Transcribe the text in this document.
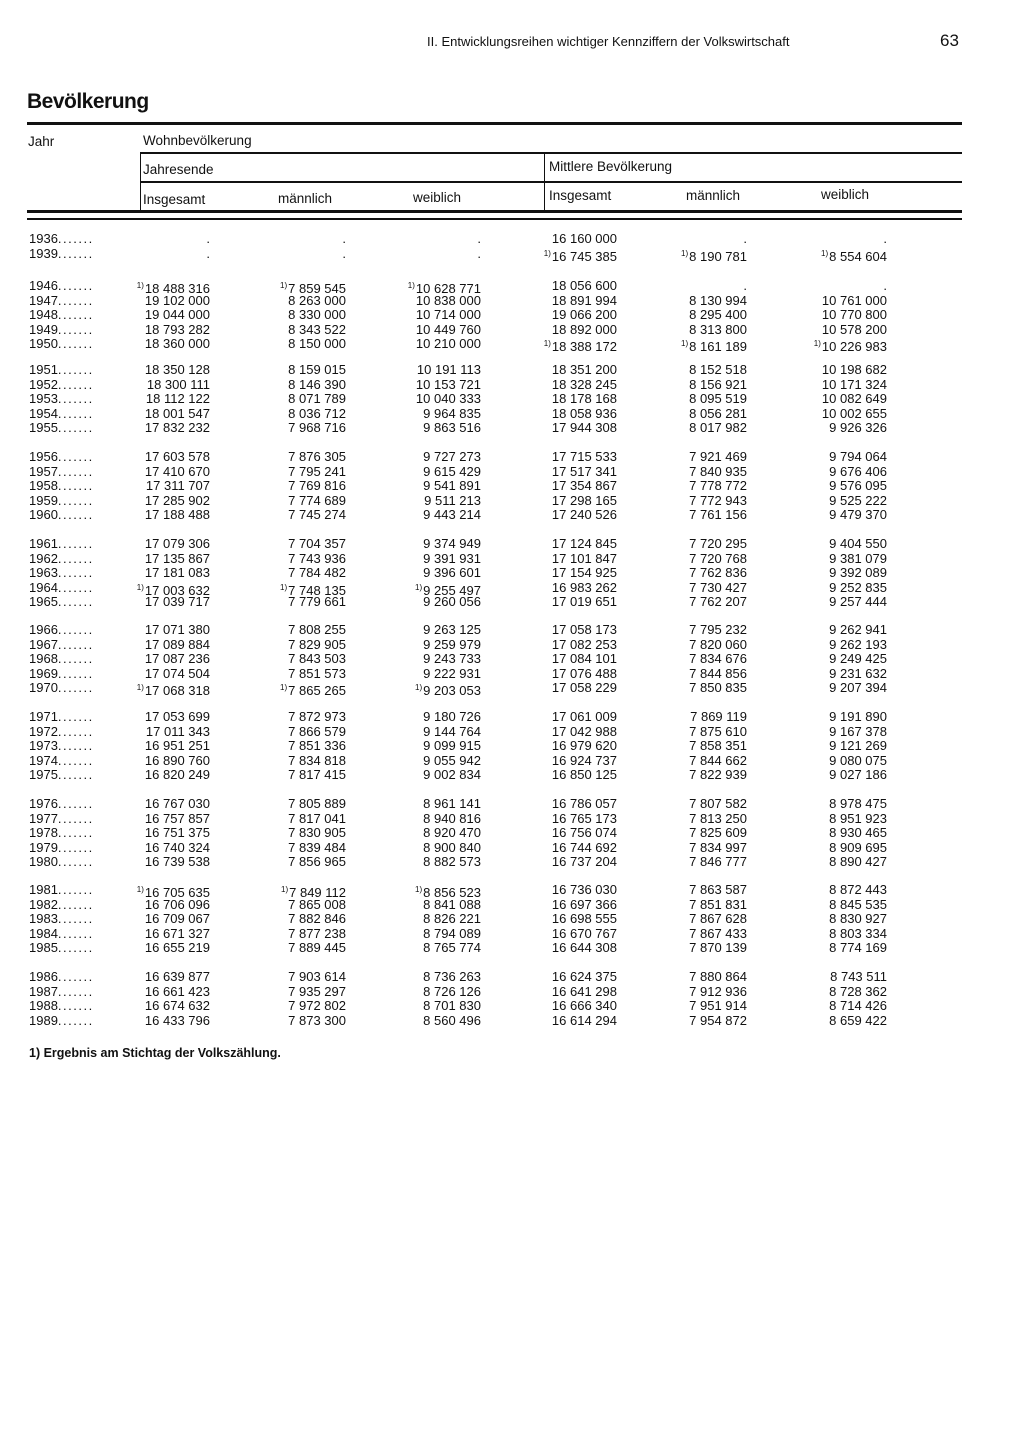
II. Entwicklungsreihen wichtiger Kennziffern der Volkswirtschaft	63
Bevölkerung
Jahr	Wohnbevölkerung
Jahresende	Mittlere Bevölkerung
Insgesamt	männlich	weiblich	Insgesamt	männlich	weiblich
1936.......	.	.	.	16 160 000	.	.
1939.......	.	.	.	$^{1)}$16 745 385	$^{1)}$8 190 781	$^{1)}$8 554 604
1946.......	$^{1)}$18 488 316	$^{1)}$7 859 545	$^{1)}$10 628 771	18 056 600	.	.
1947.......	19 102 000	8 263 000	10 838 000	18 891 994	8 130 994	10 761 000
1948.......	19 044 000	8 330 000	10 714 000	19 066 200	8 295 400	10 770 800
1949.......	18 793 282	8 343 522	10 449 760	18 892 000	8 313 800	10 578 200
1950.......	18 360 000	8 150 000	10 210 000	$^{1)}$18 388 172	$^{1)}$8 161 189	$^{1)}$10 226 983
1951.......	18 350 128	8 159 015	10 191 113	18 351 200	8 152 518	10 198 682
1952.......	18 300 111	8 146 390	10 153 721	18 328 245	8 156 921	10 171 324
1953.......	18 112 122	8 071 789	10 040 333	18 178 168	8 095 519	10 082 649
1954.......	18 001 547	8 036 712	9 964 835	18 058 936	8 056 281	10 002 655
1955.......	17 832 232	7 968 716	9 863 516	17 944 308	8 017 982	9 926 326
1956.......	17 603 578	7 876 305	9 727 273	17 715 533	7 921 469	9 794 064
1957.......	17 410 670	7 795 241	9 615 429	17 517 341	7 840 935	9 676 406
1958.......	17 311 707	7 769 816	9 541 891	17 354 867	7 778 772	9 576 095
1959.......	17 285 902	7 774 689	9 511 213	17 298 165	7 772 943	9 525 222
1960.......	17 188 488	7 745 274	9 443 214	17 240 526	7 761 156	9 479 370
1961.......	17 079 306	7 704 357	9 374 949	17 124 845	7 720 295	9 404 550
1962.......	17 135 867	7 743 936	9 391 931	17 101 847	7 720 768	9 381 079
1963.......	17 181 083	7 784 482	9 396 601	17 154 925	7 762 836	9 392 089
1964.......	$^{1)}$17 003 632	$^{1)}$7 748 135	$^{1)}$9 255 497	16 983 262	7 730 427	9 252 835
1965.......	17 039 717	7 779 661	9 260 056	17 019 651	7 762 207	9 257 444
1966.......	17 071 380	7 808 255	9 263 125	17 058 173	7 795 232	9 262 941
1967.......	17 089 884	7 829 905	9 259 979	17 082 253	7 820 060	9 262 193
1968.......	17 087 236	7 843 503	9 243 733	17 084 101	7 834 676	9 249 425
1969.......	17 074 504	7 851 573	9 222 931	17 076 488	7 844 856	9 231 632
1970.......	$^{1)}$17 068 318	$^{1)}$7 865 265	$^{1)}$9 203 053	17 058 229	7 850 835	9 207 394
1971.......	17 053 699	7 872 973	9 180 726	17 061 009	7 869 119	9 191 890
1972.......	17 011 343	7 866 579	9 144 764	17 042 988	7 875 610	9 167 378
1973.......	16 951 251	7 851 336	9 099 915	16 979 620	7 858 351	9 121 269
1974.......	16 890 760	7 834 818	9 055 942	16 924 737	7 844 662	9 080 075
1975.......	16 820 249	7 817 415	9 002 834	16 850 125	7 822 939	9 027 186
1976.......	16 767 030	7 805 889	8 961 141	16 786 057	7 807 582	8 978 475
1977.......	16 757 857	7 817 041	8 940 816	16 765 173	7 813 250	8 951 923
1978.......	16 751 375	7 830 905	8 920 470	16 756 074	7 825 609	8 930 465
1979.......	16 740 324	7 839 484	8 900 840	16 744 692	7 834 997	8 909 695
1980.......	16 739 538	7 856 965	8 882 573	16 737 204	7 846 777	8 890 427
1981.......	$^{1)}$16 705 635	$^{1)}$7 849 112	$^{1)}$8 856 523	16 736 030	7 863 587	8 872 443
1982.......	16 706 096	7 865 008	8 841 088	16 697 366	7 851 831	8 845 535
1983.......	16 709 067	7 882 846	8 826 221	16 698 555	7 867 628	8 830 927
1984.......	16 671 327	7 877 238	8 794 089	16 670 767	7 867 433	8 803 334
1985.......	16 655 219	7 889 445	8 765 774	16 644 308	7 870 139	8 774 169
1986.......	16 639 877	7 903 614	8 736 263	16 624 375	7 880 864	8 743 511
1987.......	16 661 423	7 935 297	8 726 126	16 641 298	7 912 936	8 728 362
1988.......	16 674 632	7 972 802	8 701 830	16 666 340	7 951 914	8 714 426
1989.......	16 433 796	7 873 300	8 560 496	16 614 294	7 954 872	8 659 422
1) Ergebnis am Stichtag der Volkszählung.
